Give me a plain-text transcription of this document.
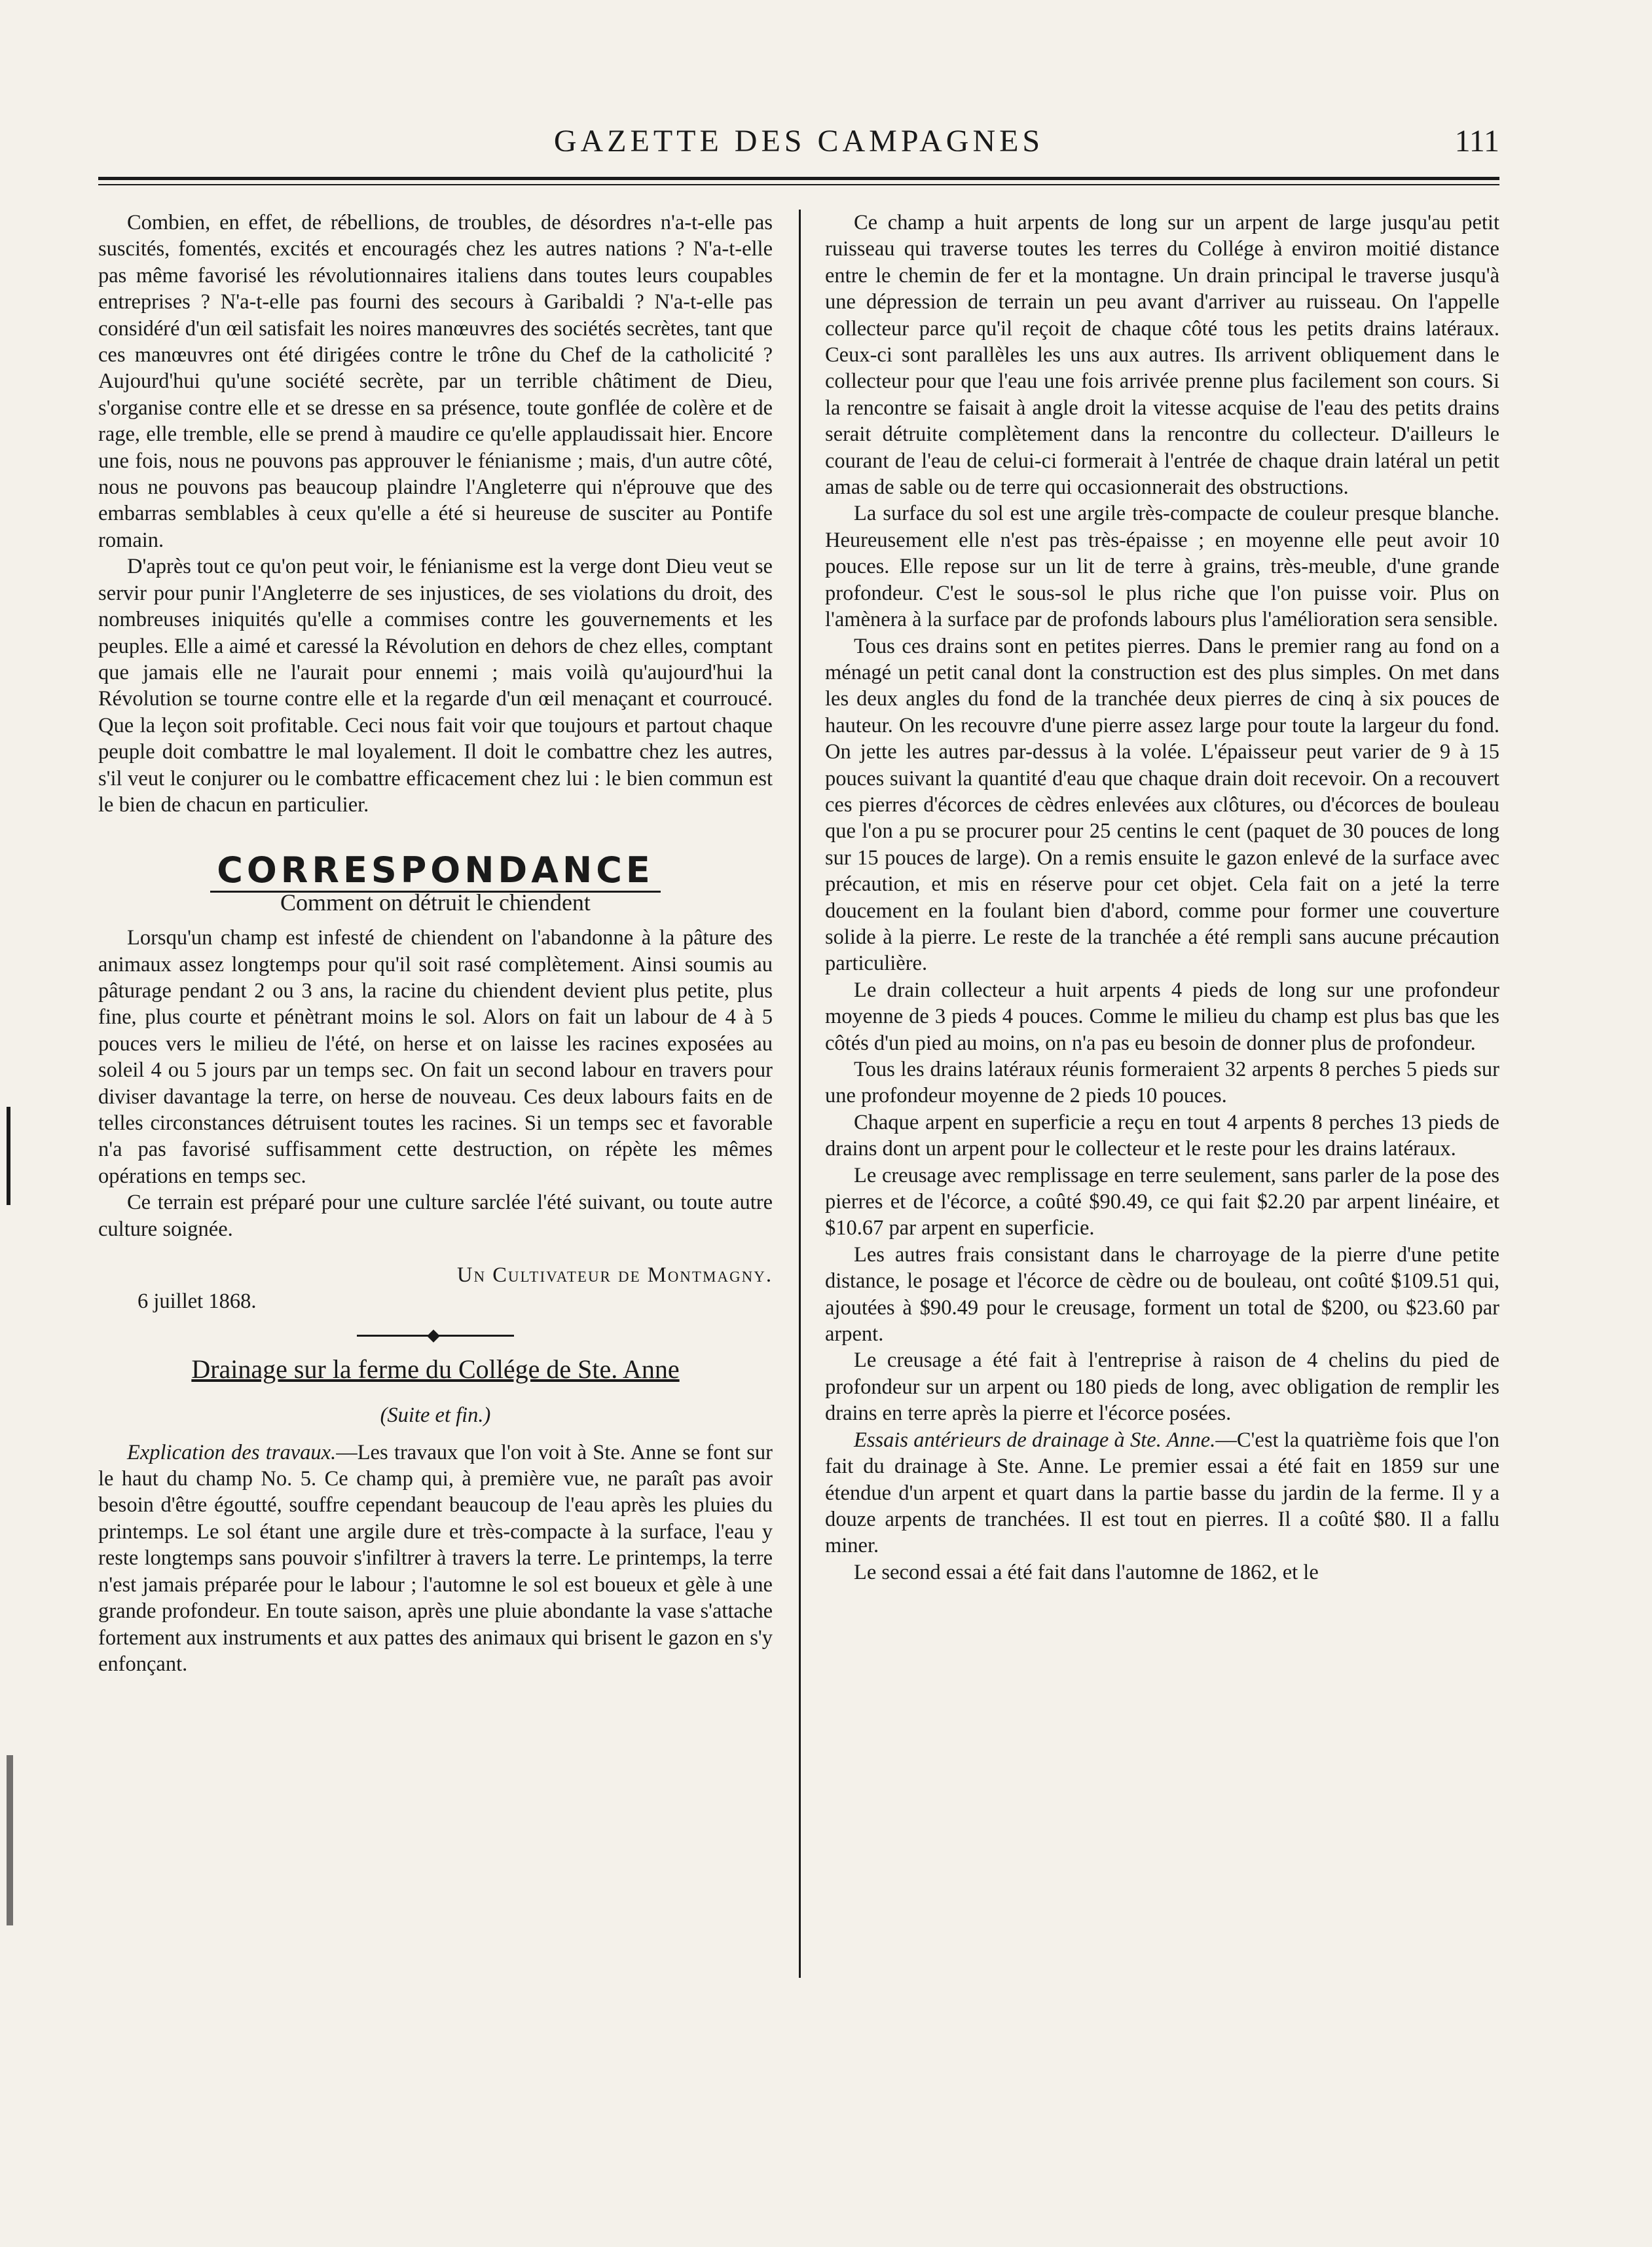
GAZETTE DES CAMPAGNES	111

Combien, en effet, de rébellions, de troubles, de désordres n'a-t-elle pas suscités, fomentés, excités et encouragés chez les autres nations ? N'a-t-elle pas même favorisé les révolutionnaires italiens dans toutes leurs coupables entreprises ? N'a-t-elle pas fourni des secours à Garibaldi ? N'a-t-elle pas considéré d'un œil satisfait les noires manœuvres des sociétés secrètes, tant que ces manœuvres ont été dirigées contre le trône du Chef de la catholicité ? Aujourd'hui qu'une société secrète, par un terrible châtiment de Dieu, s'organise contre elle et se dresse en sa présence, toute gonflée de colère et de rage, elle tremble, elle se prend à maudire ce qu'elle applaudissait hier. Encore une fois, nous ne pouvons pas approuver le fénianisme ; mais, d'un autre côté, nous ne pouvons pas beaucoup plaindre l'Angleterre qui n'éprouve que des embarras semblables à ceux qu'elle a été si heureuse de susciter au Pontife romain.

D'après tout ce qu'on peut voir, le fénianisme est la verge dont Dieu veut se servir pour punir l'Angleterre de ses injustices, de ses violations du droit, des nombreuses iniquités qu'elle a commises contre les gouvernements et les peuples. Elle a aimé et caressé la Révolution en dehors de chez elles, comptant que jamais elle ne l'aurait pour ennemi ; mais voilà qu'aujourd'hui la Révolution se tourne contre elle et la regarde d'un œil menaçant et courroucé. Que la leçon soit profitable. Ceci nous fait voir que toujours et partout chaque peuple doit combattre le mal loyalement. Il doit le combattre chez les autres, s'il veut le conjurer ou le combattre efficacement chez lui : le bien commun est le bien de chacun en particulier.

CORRESPONDANCE
Comment on détruit le chiendent

Lorsqu'un champ est infesté de chiendent on l'abandonne à la pâture des animaux assez longtemps pour qu'il soit rasé complètement. Ainsi soumis au pâturage pendant 2 ou 3 ans, la racine du chiendent devient plus petite, plus fine, plus courte et pénètrant moins le sol. Alors on fait un labour de 4 à 5 pouces vers le milieu de l'été, on herse et on laisse les racines exposées au soleil 4 ou 5 jours par un temps sec. On fait un second labour en travers pour diviser davantage la terre, on herse de nouveau. Ces deux labours faits en de telles circonstances détruisent toutes les racines. Si un temps sec et favorable n'a pas favorisé suffisamment cette destruction, on répète les mêmes opérations en temps sec.

Ce terrain est préparé pour une culture sarclée l'été suivant, ou toute autre culture soignée.

Un Cultivateur de Montmagny.

6 juillet 1868.

Drainage sur la ferme du Collége de Ste. Anne

(Suite et fin.)

Explication des travaux.—Les travaux que l'on voit à Ste. Anne se font sur le haut du champ No. 5. Ce champ qui, à première vue, ne paraît pas avoir besoin d'être égoutté, souffre cependant beaucoup de l'eau après les pluies du printemps. Le sol étant une argile dure et très-compacte à la surface, l'eau y reste longtemps sans pouvoir s'infiltrer à travers la terre. Le printemps, la terre n'est jamais préparée pour le labour ; l'automne le sol est boueux et gèle à une grande profondeur. En toute saison, après une pluie abondante la vase s'attache fortement aux instruments et aux pattes des animaux qui brisent le gazon en s'y enfonçant.

Ce champ a huit arpents de long sur un arpent de large jusqu'au petit ruisseau qui traverse toutes les terres du Collége à environ moitié distance entre le chemin de fer et la montagne. Un drain principal le traverse jusqu'à une dépression de terrain un peu avant d'arriver au ruisseau. On l'appelle collecteur parce qu'il reçoit de chaque côté tous les petits drains latéraux. Ceux-ci sont parallèles les uns aux autres. Ils arrivent obliquement dans le collecteur pour que l'eau une fois arrivée prenne plus facilement son cours. Si la rencontre se faisait à angle droit la vitesse acquise de l'eau des petits drains serait détruite complètement dans la rencontre du collecteur. D'ailleurs le courant de l'eau de celui-ci formerait à l'entrée de chaque drain latéral un petit amas de sable ou de terre qui occasionnerait des obstructions.

La surface du sol est une argile très-compacte de couleur presque blanche. Heureusement elle n'est pas très-épaisse ; en moyenne elle peut avoir 10 pouces. Elle repose sur un lit de terre à grains, très-meuble, d'une grande profondeur. C'est le sous-sol le plus riche que l'on puisse voir. Plus on l'amènera à la surface par de profonds labours plus l'amélioration sera sensible.

Tous ces drains sont en petites pierres. Dans le premier rang au fond on a ménagé un petit canal dont la construction est des plus simples. On met dans les deux angles du fond de la tranchée deux pierres de cinq à six pouces de hauteur. On les recouvre d'une pierre assez large pour toute la largeur du fond. On jette les autres par-dessus à la volée. L'épaisseur peut varier de 9 à 15 pouces suivant la quantité d'eau que chaque drain doit recevoir. On a recouvert ces pierres d'écorces de cèdres enlevées aux clôtures, ou d'écorces de bouleau que l'on a pu se procurer pour 25 centins le cent (paquet de 30 pouces de long sur 15 pouces de large). On a remis ensuite le gazon enlevé de la surface avec précaution, et mis en réserve pour cet objet. Cela fait on a jeté la terre doucement en la foulant bien d'abord, comme pour former une couverture solide à la pierre. Le reste de la tranchée a été rempli sans aucune précaution particulière.

Le drain collecteur a huit arpents 4 pieds de long sur une profondeur moyenne de 3 pieds 4 pouces. Comme le milieu du champ est plus bas que les côtés d'un pied au moins, on n'a pas eu besoin de donner plus de profondeur.

Tous les drains latéraux réunis formeraient 32 arpents 8 perches 5 pieds sur une profondeur moyenne de 2 pieds 10 pouces.

Chaque arpent en superficie a reçu en tout 4 arpents 8 perches 13 pieds de drains dont un arpent pour le collecteur et le reste pour les drains latéraux.

Le creusage avec remplissage en terre seulement, sans parler de la pose des pierres et de l'écorce, a coûté $90.49, ce qui fait $2.20 par arpent linéaire, et $10.67 par arpent en superficie.

Les autres frais consistant dans le charroyage de la pierre d'une petite distance, le posage et l'écorce de cèdre ou de bouleau, ont coûté $109.51 qui, ajoutées à $90.49 pour le creusage, forment un total de $200, ou $23.60 par arpent.

Le creusage a été fait à l'entreprise à raison de 4 chelins du pied de profondeur sur un arpent ou 180 pieds de long, avec obligation de remplir les drains en terre après la pierre et l'écorce posées.

Essais antérieurs de drainage à Ste. Anne.—C'est la quatrième fois que l'on fait du drainage à Ste. Anne. Le premier essai a été fait en 1859 sur une étendue d'un arpent et quart dans la partie basse du jardin de la ferme. Il y a douze arpents de tranchées. Il est tout en pierres. Il a coûté $80. Il a fallu miner.

Le second essai a été fait dans l'automne de 1862, et le
